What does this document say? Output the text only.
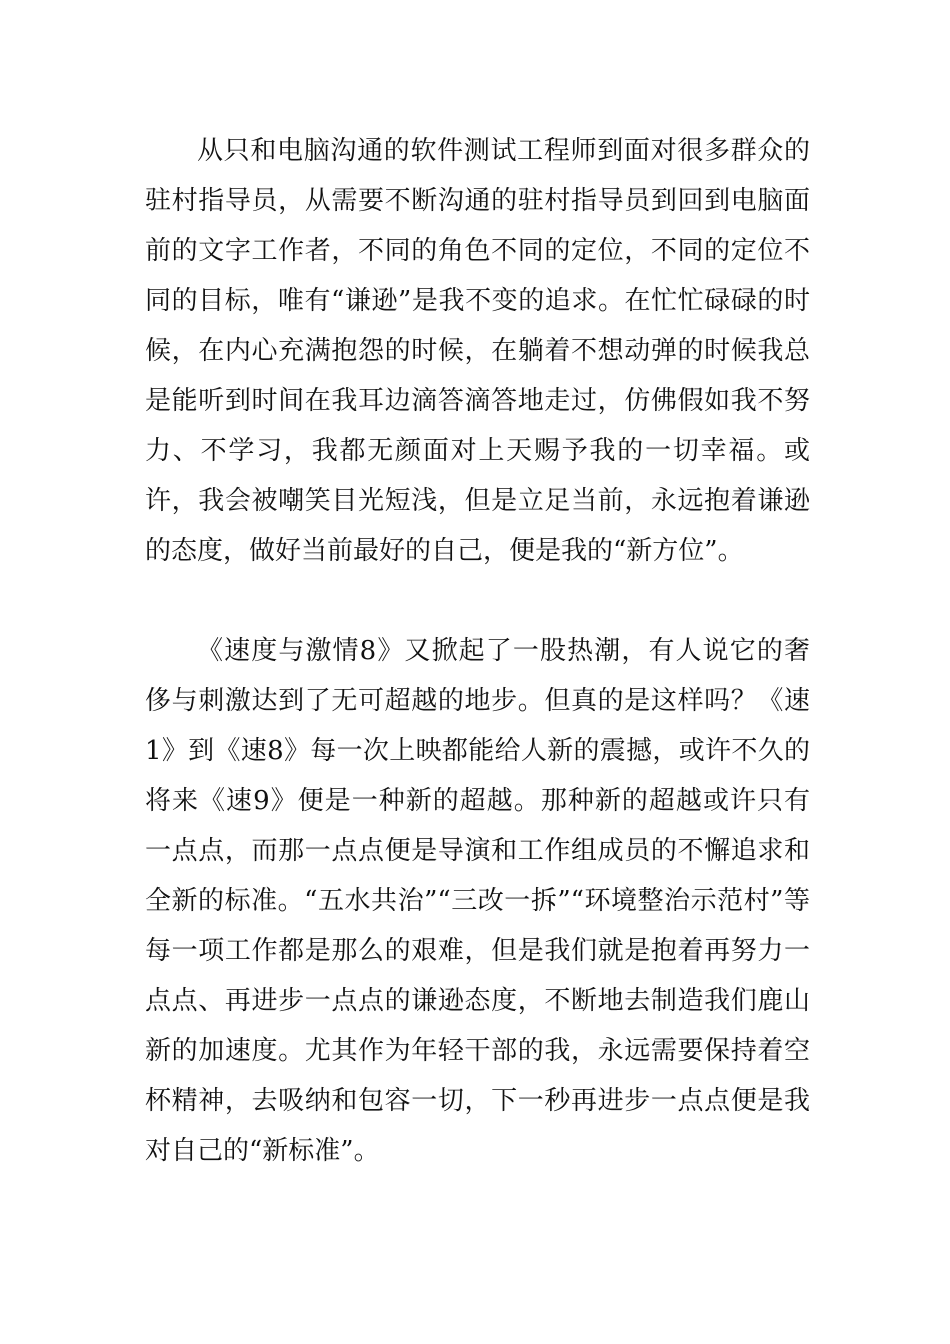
从只和电脑沟通的软件测试工程师到面对很多群众的驻村指导员，从需要不断沟通的驻村指导员到回到电脑面前的文字工作者，不同的角色不同的定位，不同的定位不同的目标，唯有“谦逊”是我不变的追求。在忙忙碌碌的时候，在内心充满抱怨的时候，在躺着不想动弹的时候我总是能听到时间在我耳边滴答滴答地走过，仿佛假如我不努力、不学习，我都无颜面对上天赐予我的一切幸福。或许，我会被嘲笑目光短浅，但是立足当前，永远抱着谦逊的态度，做好当前最好的自己，便是我的“新方位”。

《速度与激情8》又掀起了一股热潮，有人说它的奢侈与刺激达到了无可超越的地步。但真的是这样吗？《速1》到《速8》每一次上映都能给人新的震撼，或许不久的将来《速9》便是一种新的超越。那种新的超越或许只有一点点，而那一点点便是导演和工作组成员的不懈追求和全新的标准。“五水共治”“三改一拆”“环境整治示范村”等每一项工作都是那么的艰难，但是我们就是抱着再努力一点点、再进步一点点的谦逊态度，不断地去制造我们鹿山新的加速度。尤其作为年轻干部的我，永远需要保持着空杯精神，去吸纳和包容一切，下一秒再进步一点点便是我对自己的“新标准”。
